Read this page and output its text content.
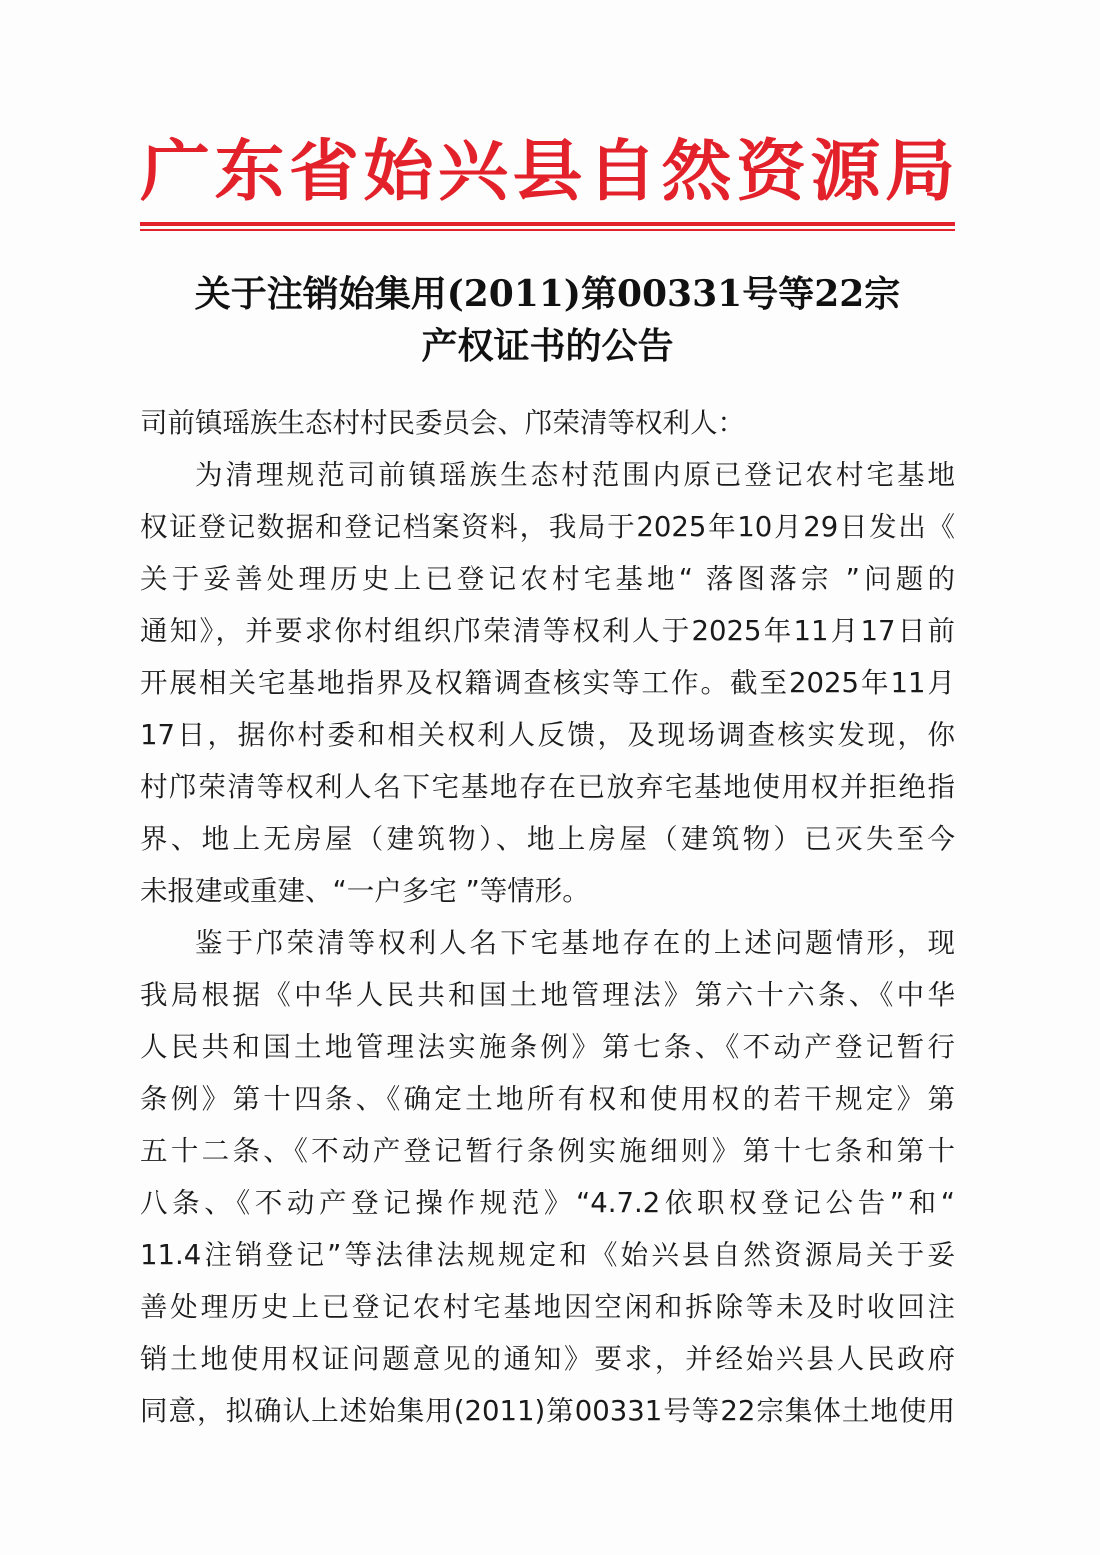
广 东 省 始 兴 县 自 然 资 源 局
关于注销始集用(2011)第00331号等22宗
产权证书的公告

司前镇瑶族生态村村民委员会、邝荣清等权利人：

为清理规范司前镇瑶族生态村范围内原已登记农村宅基地

权证登记数据和登记档案资料，我局于2025年10月29日发出《

关于妥善处理历史上已登记农村宅基地“ 落图落宗 ”问题的

通知》，并要求你村组织邝荣清等权利人于2025年11月17日前

开展相关宅基地指界及权籍调查核实等工作。截至2025年11月

17日，据你村委和相关权利人反馈，及现场调查核实发现，你

村邝荣清等权利人名下宅基地存在已放弃宅基地使用权并拒绝指

界、地上无房屋（建筑物）、地上房屋（建筑物）已灭失至今

未报建或重建、“一户多宅 ”等情形。

鉴于邝荣清等权利人名下宅基地存在的上述问题情形，现

我局根据《中华人民共和国土地管理法》第六十六条、《中华

人民共和国土地管理法实施条例》第七条、《不动产登记暂行

条例》第十四条、《确定土地所有权和使用权的若干规定》第

五十二条、《不动产登记暂行条例实施细则》第十七条和第十

八条、《不动产登记操作规范》“4.7.2依职权登记公告”和“

11.4注销登记”等法律法规规定和《始兴县自然资源局关于妥

善处理历史上已登记农村宅基地因空闲和拆除等未及时收回注

销土地使用权证问题意见的通知》要求，并经始兴县人民政府

同意，拟确认上述始集用(2011)第00331号等22宗集体土地使用
